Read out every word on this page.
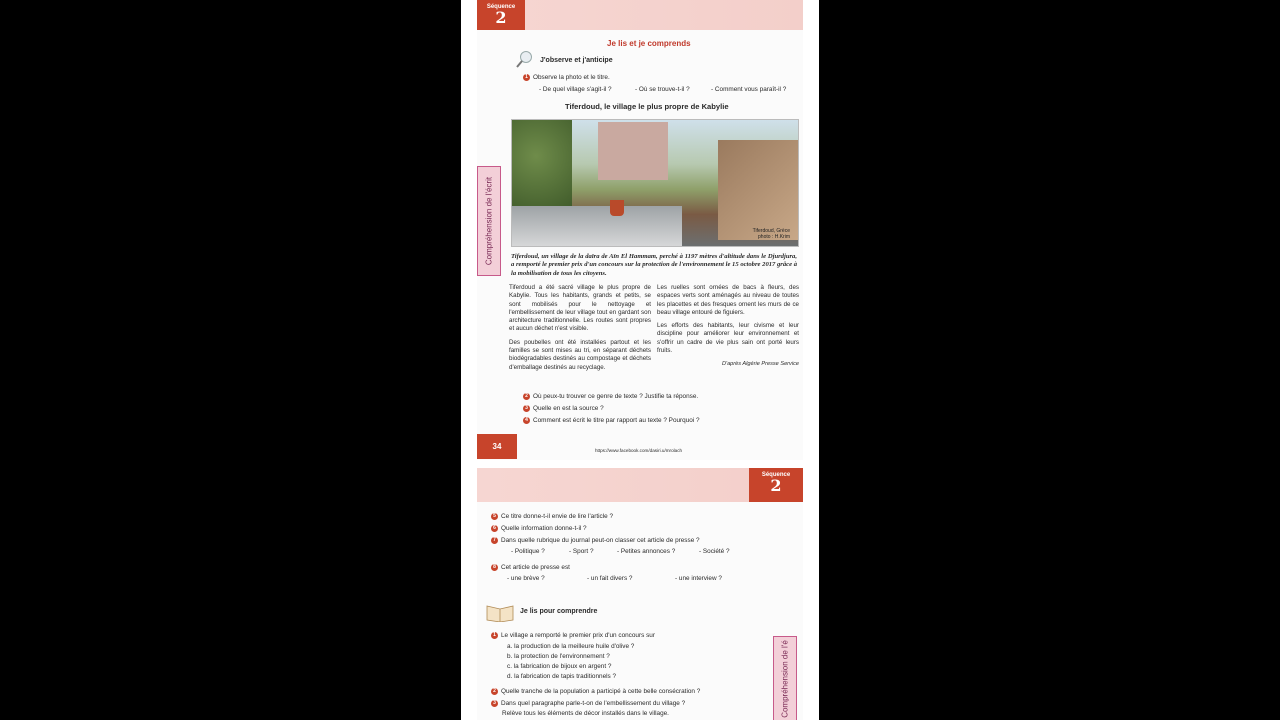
Séquence
2
Je lis et je comprends
J'observe et j'anticipe
1 Observe la photo et le titre.
- De quel village s'agit-il ?	- Où se trouve-t-il ?	- Comment vous paraît-il ?
Tiferdoud, le village le plus propre de Kabylie
Tiferdoud, Grèce
photo : H.Krim
Tiferdoud, un village de la daïra de Aïn El Hammam, perché à 1197 mètres d'altitude dans le Djurdjura, a remporté le premier prix d'un concours sur la protection de l'environnement le 15 octobre 2017 grâce à la mobilisation de tous les citoyens.

Tiferdoud a été sacré village le plus propre de Kabylie. Tous les habitants, grands et petits, se sont mobilisés pour le nettoyage et l'embellissement de leur village tout en gardant son architecture traditionnelle. Les routes sont propres et aucun déchet n'est visible.

Des poubelles ont été installées partout et les familles se sont mises au tri, en séparant déchets biodégradables destinés au compostage et déchets d'emballage destinés au recyclage.

Les ruelles sont ornées de bacs à fleurs, des espaces verts sont aménagés au niveau de toutes les placettes et des fresques ornent les murs de ce beau village entouré de figuiers.

Les efforts des habitants, leur civisme et leur discipline pour améliorer leur environnement et s'offrir un cadre de vie plus sain ont porté leurs fruits.

D'après Algérie Presse Service

2 Où peux-tu trouver ce genre de texte ? Justifie ta réponse.
3 Quelle en est la source ?
4 Comment est écrit le titre par rapport au texte ? Pourquoi ?
Compréhension de l'écrit
34	https://www.facebook.com/dasiri.u/mrolach
Séquence
2
5 Ce titre donne-t-il envie de lire l'article ?
6 Quelle information donne-t-il ?
7 Dans quelle rubrique du journal peut-on classer cet article de presse ?
- Politique ?	- Sport ?	- Petites annonces ?	- Société ?
8 Cet article de presse est
- une brève ?	- un fait divers ?	- une interview ?
Je lis pour comprendre
1 Le village a remporté le premier prix d'un concours sur
a. la production de la meilleure huile d'olive ?
b. la protection de l'environnement ?
c. la fabrication de bijoux en argent ?
d. la fabrication de tapis traditionnels ?
2 Quelle tranche de la population a participé à cette belle consécration ?
3 Dans quel paragraphe parle-t-on de l'embellissement du village ?
Relève tous les éléments de décor installés dans le village.	Compréhension de l'é
